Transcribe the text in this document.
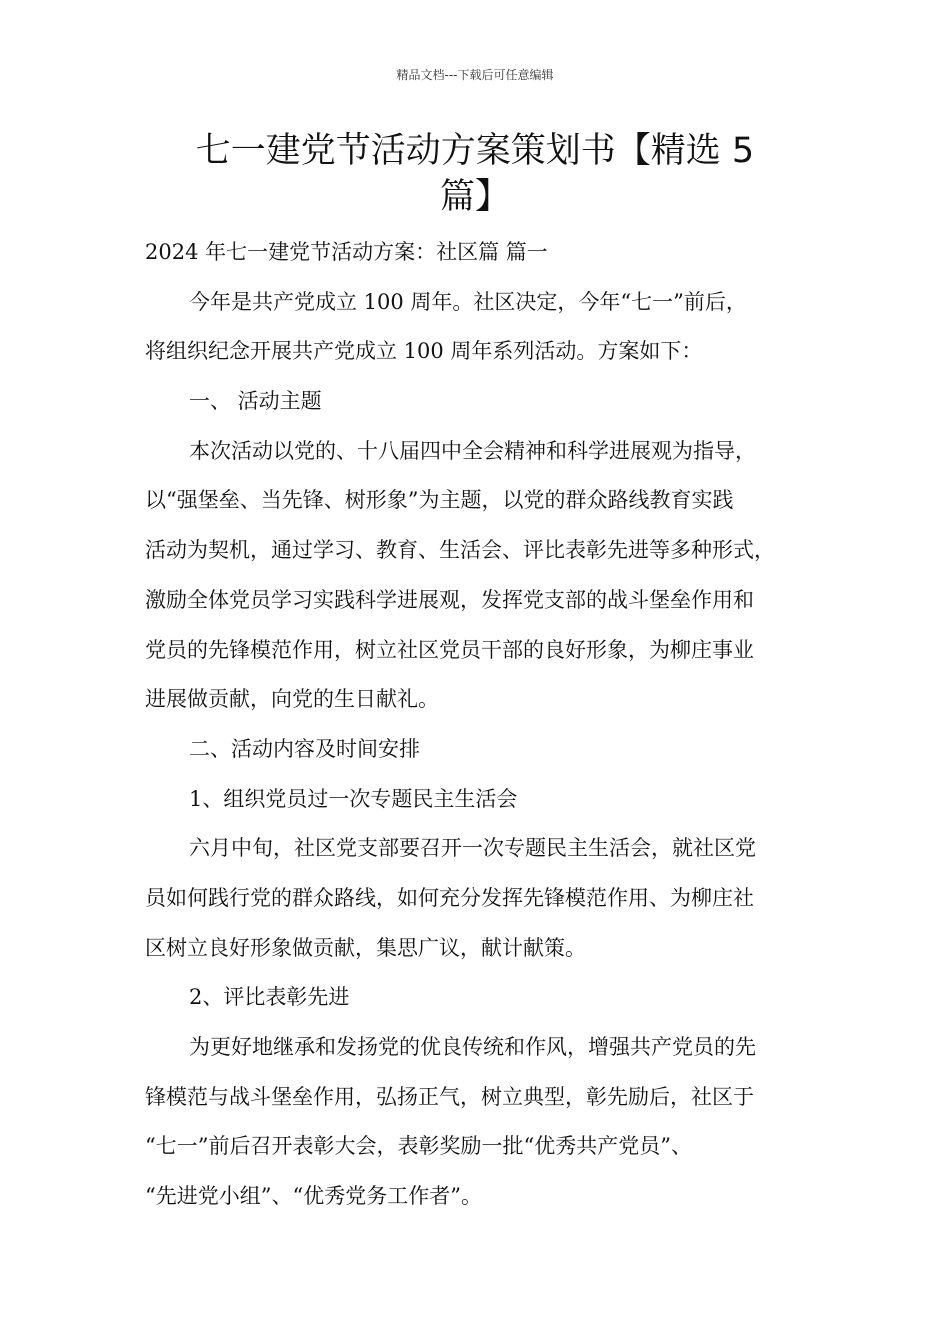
精品文档---下载后可任意编辑
七一建党节活动方案策划书【精选 5
篇】
2024 年七一建党节活动方案：社区篇 篇一
今年是共产党成立 100 周年。社区决定，今年“七一”前后，
将组织纪念开展共产党成立 100 周年系列活动。方案如下：
一、 活动主题
本次活动以党的、十八届四中全会精神和科学进展观为指导，
以“强堡垒、当先锋、树形象”为主题，以党的群众路线教育实践
活动为契机，通过学习、教育、生活会、评比表彰先进等多种形式，
激励全体党员学习实践科学进展观，发挥党支部的战斗堡垒作用和
党员的先锋模范作用，树立社区党员干部的良好形象，为柳庄事业
进展做贡献，向党的生日献礼。
二、活动内容及时间安排
1、组织党员过一次专题民主生活会
六月中旬，社区党支部要召开一次专题民主生活会，就社区党
员如何践行党的群众路线，如何充分发挥先锋模范作用、为柳庄社
区树立良好形象做贡献，集思广议，献计献策。
2、评比表彰先进
为更好地继承和发扬党的优良传统和作风，增强共产党员的先
锋模范与战斗堡垒作用，弘扬正气，树立典型，彰先励后，社区于
“七一”前后召开表彰大会，表彰奖励一批“优秀共产党员”、
“先进党小组”、“优秀党务工作者”。
